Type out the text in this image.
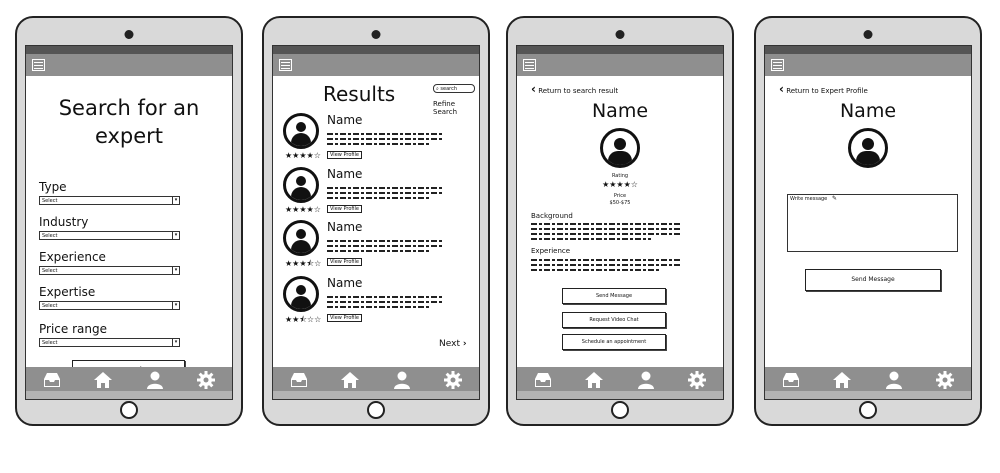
Search for an expert

Type

Select	▾

Industry

Select	▾

Experience

Select	▾

Expertise

Select	▾

Price range

Select	▾

Results	⌕ search
Refine Search
Name
★★★★☆	View Profile
Name
★★★★☆	View Profile
Name
★★★⯪☆	View Profile
Name
★★⯪☆☆	View Profile
Next ›
‹ Return to search result
Name
Rating
★★★★☆
Price
$50-$75
Background
Experience
Send Message
Request Video Chat
Schedule an appointment
‹ Return to Expert Profile
Name
Write message ✎
Send Message
